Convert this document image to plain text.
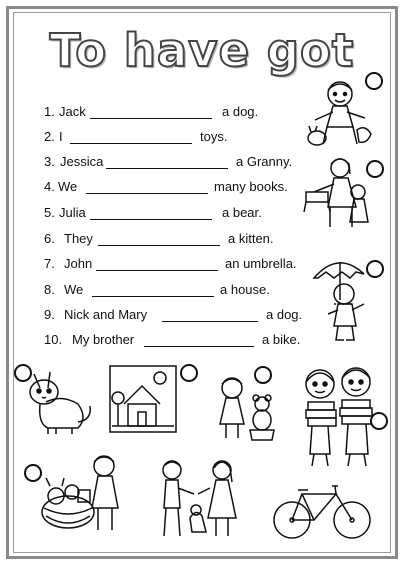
To have got
1. Jack	a dog.
2. I	toys.
3. Jessica	a Granny.
4. We	many books.
5. Julia	a bear.
6. They	a kitten.
7. John	an umbrella.
8. We	a house.
9. Nick and Mary	a dog.
10. My brother	a bike.
